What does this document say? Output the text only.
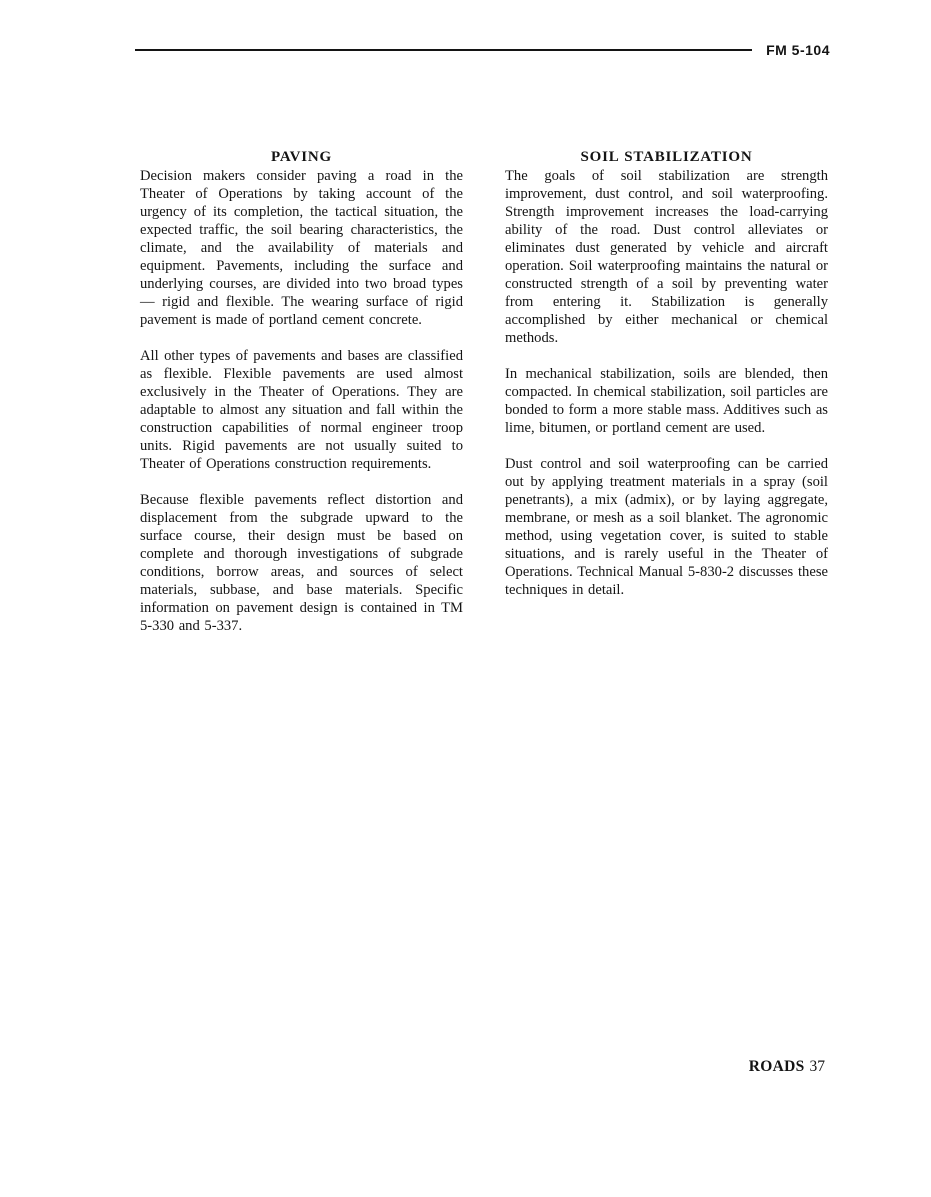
FM 5-104
PAVING

Decision makers consider paving a road in the Theater of Operations by taking account of the urgency of its completion, the tactical situation, the expected traffic, the soil bearing characteristics, the climate, and the availability of materials and equipment. Pavements, including the surface and underlying courses, are divided into two broad types— rigid and flexible. The wearing surface of rigid pavement is made of portland cement concrete.

All other types of pavements and bases are classified as flexible. Flexible pavements are used almost exclusively in the Theater of Operations. They are adaptable to almost any situation and fall within the construction capabilities of normal engineer troop units. Rigid pavements are not usually suited to Theater of Operations construction requirements.

Because flexible pavements reflect distortion and displacement from the subgrade upward to the surface course, their design must be based on complete and thorough investigations of subgrade conditions, borrow areas, and sources of select materials, subbase, and base materials. Specific information on pavement design is contained in TM 5-330 and 5-337.

SOIL STABILIZATION

The goals of soil stabilization are strength improvement, dust control, and soil waterproofing. Strength improvement increases the load-carrying ability of the road. Dust control alleviates or eliminates dust generated by vehicle and aircraft operation. Soil waterproofing maintains the natural or constructed strength of a soil by preventing water from entering it. Stabilization is generally accomplished by either mechanical or chemical methods.

In mechanical stabilization, soils are blended, then compacted. In chemical stabilization, soil particles are bonded to form a more stable mass. Additives such as lime, bitumen, or portland cement are used.

Dust control and soil waterproofing can be carried out by applying treatment materials in a spray (soil penetrants), a mix (admix), or by laying aggregate, membrane, or mesh as a soil blanket. The agronomic method, using vegetation cover, is suited to stable situations, and is rarely useful in the Theater of Operations. Technical Manual 5-830-2 discusses these techniques in detail.

ROADS 37
